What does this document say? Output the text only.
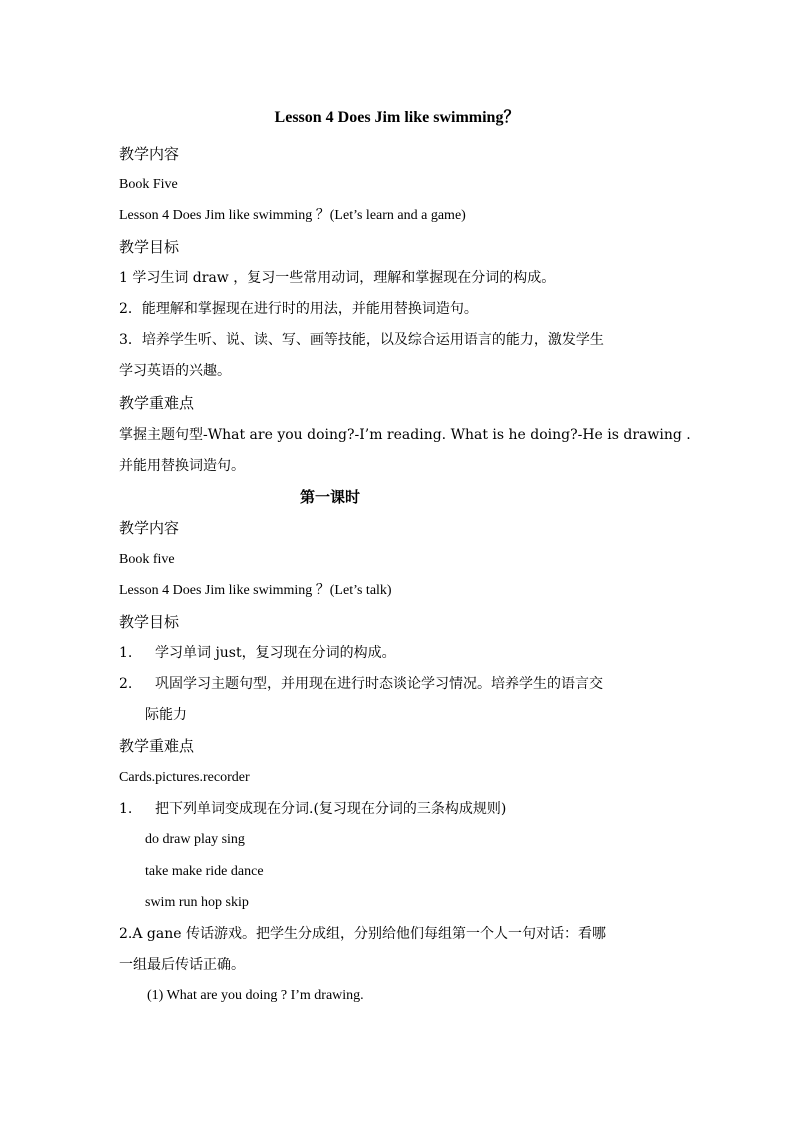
Lesson 4 Does Jim like swimming？
教学内容
Book Five
Lesson 4 Does Jim like swimming ？(Let’s learn and a game)
教学目标
1 学习生词 draw ，复习一些常用动词，理解和掌握现在分词的构成。
2．能理解和掌握现在进行时的用法，并能用替换词造句。
3．培养学生听、说、读、写、画等技能，以及综合运用语言的能力，激发学生
学习英语的兴趣。
教学重难点
掌握主题句型-What are you doing?-I’m reading. What is he doing?-He is drawing .
并能用替换词造句。
第一课时
教学内容
Book five
Lesson 4 Does Jim like swimming ？(Let’s talk)
教学目标
1. 学习单词 just，复习现在分词的构成。
2. 巩固学习主题句型，并用现在进行时态谈论学习情况。培养学生的语言交
际能力
教学重难点
Cards.pictures.recorder
1. 把下列单词变成现在分词.(复习现在分词的三条构成规则)
do draw play sing
take make ride dance
swim run hop skip
2.A gane 传话游戏。把学生分成组，分别给他们每组第一个人一句对话：看哪
一组最后传话正确。
(1) What are you doing ? I’m drawing.
